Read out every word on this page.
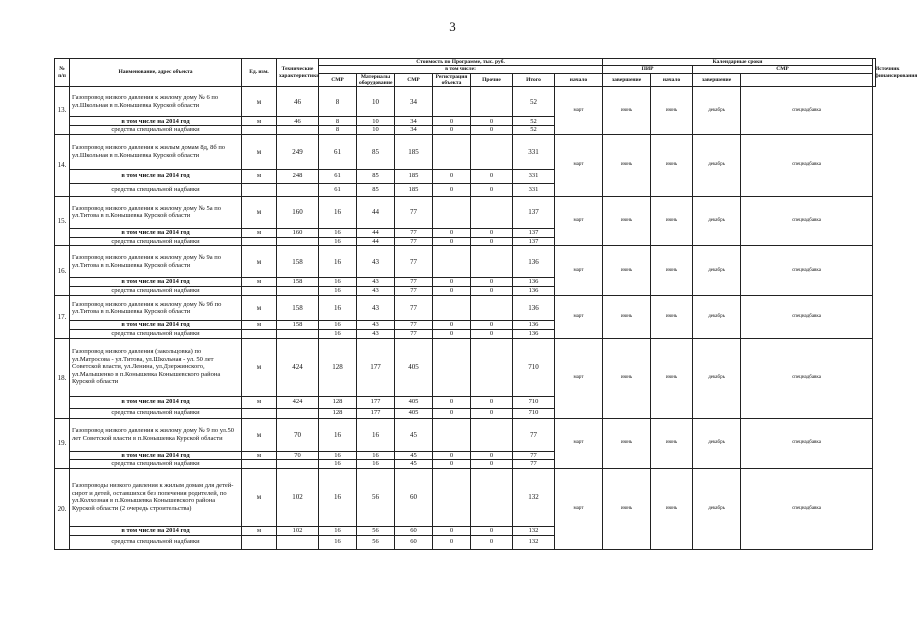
3
№ п/п	Наименование, адрес объекта	Ед. изм.	Технические характеристики	Стоимость по Программе, тыс. руб.							Календарные сроки				Источник финансирования
				в том числе:							ПИР		СМР		
				СМР	Материалы оборудование	СМР	Регистрация объекта	Прочие	Итого	начало	завершение	начало	завершение		
13.	Газопровод низкого давления к жилому дому № 6 по ул.Школьная в п.Конышевка Курской области	м	46	8	10	34			52	март	июнь	июнь	декабрь	спецнадбавка	
	в том числе на 2014 год	м	46	8	10	34	0	0	52						
	средства специальной надбавки			8	10	34	0	0	52						
14.	Газопровод низкого давления к жилым домам 8д, 8б по ул.Школьная в п.Конышевка Курской области	м	249	61	85	185			331	март	июнь	июнь	декабрь	спецнадбавка	
	в том числе на 2014 год	м	248	61	85	185	0	0	331						
	средства специальной надбавки			61	85	185	0	0	331						
15.	Газопровод низкого давления к жилому дому № 5а по ул.Титова в п.Конышевка Курской области	м	160	16	44	77			137	март	июнь	июнь	декабрь	спецнадбавка	
	в том числе на 2014 год	м	160	16	44	77	0	0	137						
	средства специальной надбавки			16	44	77	0	0	137						
16.	Газопровод низкого давления к жилому дому № 9а по ул.Титова в п.Конышевка Курской области	м	158	16	43	77			136	март	июнь	июнь	декабрь	спецнадбавка	
	в том числе на 2014 год	м	158	16	43	77	0	0	136						
	средства специальной надбавки			16	43	77	0	0	136						
17.	Газопровод низкого давления к жилому дому № 9б по ул.Титова в п.Конышевка Курской области	м	158	16	43	77			136	март	июнь	июнь	декабрь	спецнадбавка	
	в том числе на 2014 год	м	158	16	43	77	0	0	136						
	средства специальной надбавки			16	43	77	0	0	136						
18.	Газопровод низкого давления (закольцовка) по ул.Матросова - ул.Титова, ул.Школьная - ул. 50 лет Советской власти, ул.Ленина, ул.Дзержинского, ул.Малышенко в п.Конышевка Конышевского района Курской области	м	424	128	177	405			710	март	июнь	июнь	декабрь	спецнадбавка	
	в том числе на 2014 год	м	424	128	177	405	0	0	710						
	средства специальной надбавки			128	177	405	0	0	710						
19.	Газопровод низкого давления к жилому дому № 9 по ул.50 лет Советской власти в п.Конышевка Курской области	м	70	16	16	45			77	март	июнь	июнь	декабрь	спецнадбавка	
	в том числе на 2014 год	м	70	16	16	45	0	0	77						
	средства специальной надбавки			16	16	45	0	0	77						
20.	Газопроводы низкого давления к жилым домам для детей- сирот и детей, оставшихся без попечения родителей, по ул.Колхозная в п.Конышевка Конышевского района Курской области (2 очередь строительства)	м	102	16	56	60			132	март	июнь	июнь	декабрь	спецнадбавка	
	в том числе на 2014 год	м	102	16	56	60	0	0	132						
	средства специальной надбавки			16	56	60	0	0	132						
